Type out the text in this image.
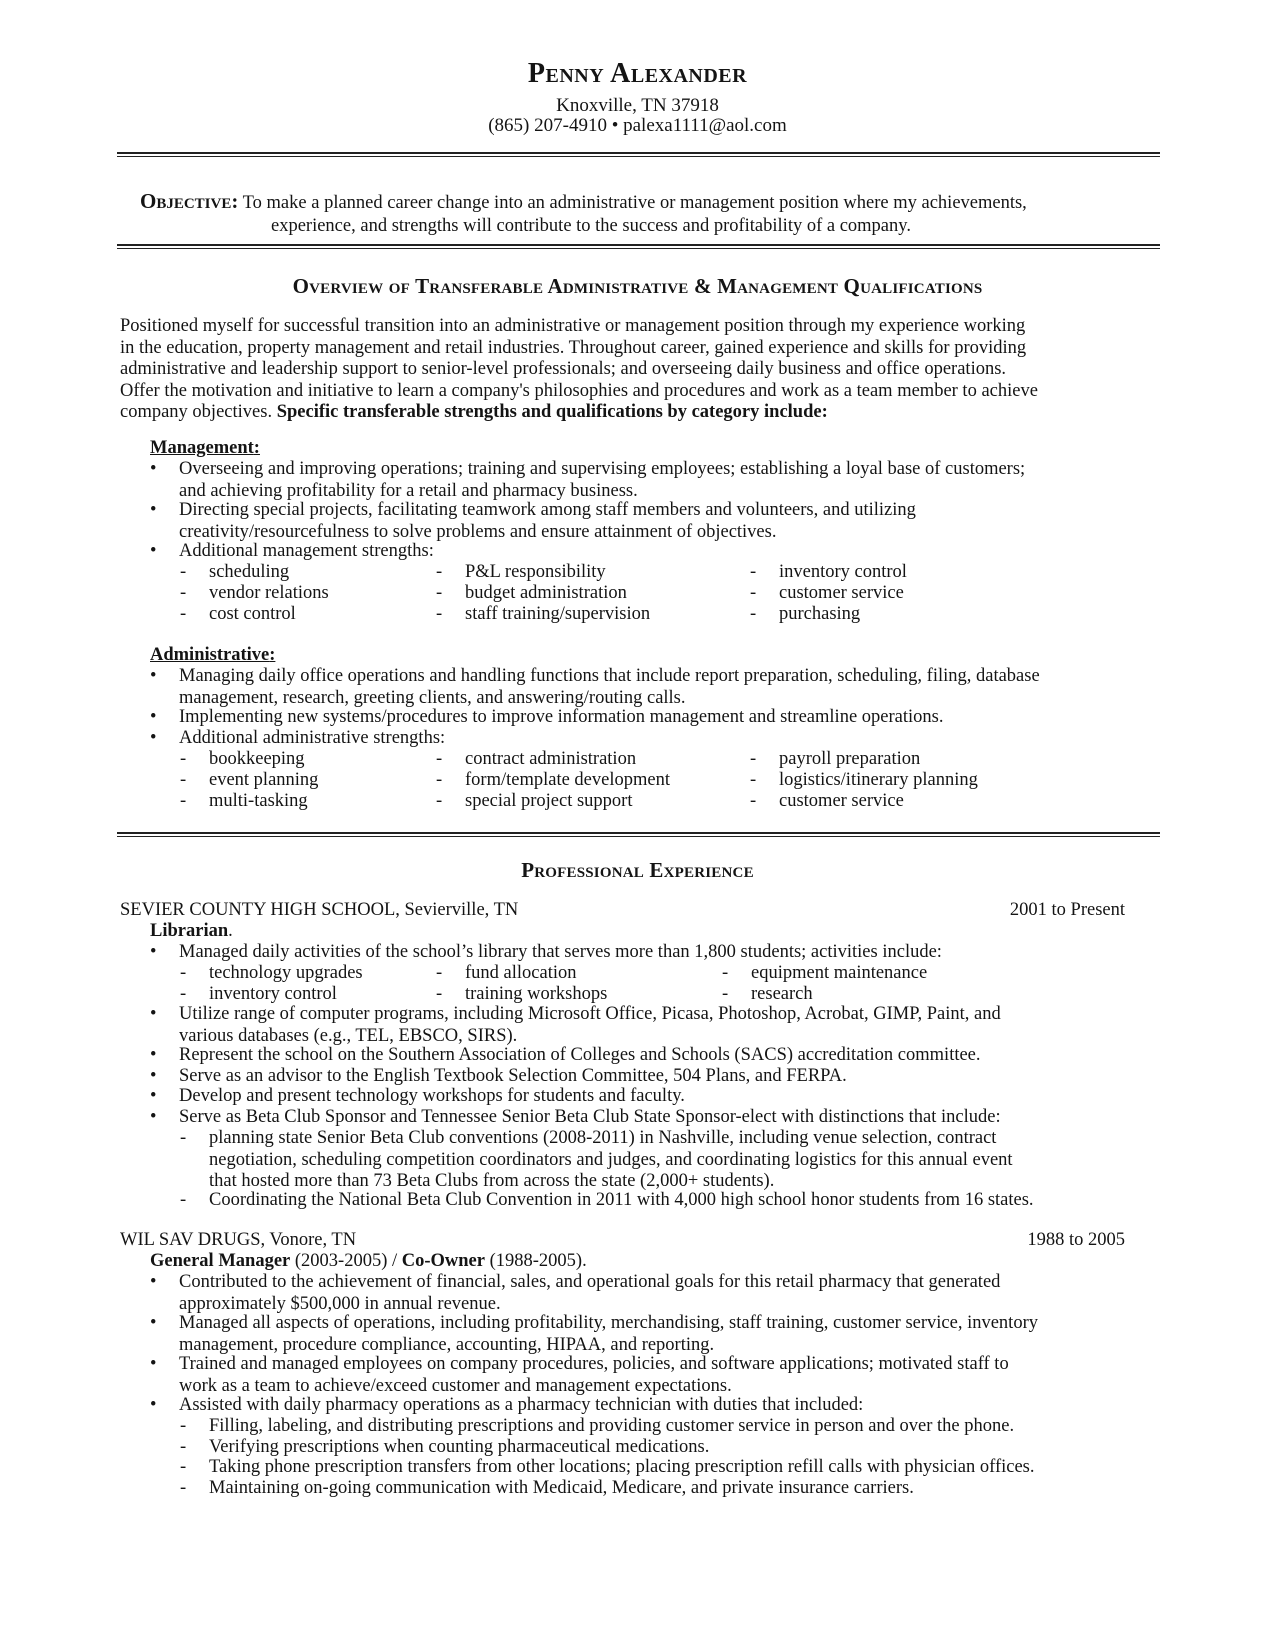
Penny Alexander
Knoxville, TN 37918
(865) 207-4910 • palexa1111@aol.com
Objective: To make a planned career change into an administrative or management position where my achievements,
experience, and strengths will contribute to the success and profitability of a company.
Overview of Transferable Administrative & Management Qualifications
Positioned myself for successful transition into an administrative or management position through my experience working
in the education, property management and retail industries. Throughout career, gained experience and skills for providing
administrative and leadership support to senior-level professionals; and overseeing daily business and office operations.
Offer the motivation and initiative to learn a company's philosophies and procedures and work as a team member to achieve
company objectives. Specific transferable strengths and qualifications by category include:
Management:
• Overseeing and improving operations; training and supervising employees; establishing a loyal base of customers;
and achieving profitability for a retail and pharmacy business.
• Directing special projects, facilitating teamwork among staff members and volunteers, and utilizing
creativity/resourcefulness to solve problems and ensure attainment of objectives.
• Additional management strengths:
- scheduling	- P&L responsibility	- inventory control
- vendor relations	- budget administration	- customer service
- cost control	- staff training/supervision	- purchasing
Administrative:
• Managing daily office operations and handling functions that include report preparation, scheduling, filing, database
management, research, greeting clients, and answering/routing calls.
• Implementing new systems/procedures to improve information management and streamline operations.
• Additional administrative strengths:
- bookkeeping	- contract administration	- payroll preparation
- event planning	- form/template development	- logistics/itinerary planning
- multi-tasking	- special project support	- customer service
Professional Experience
SEVIER COUNTY HIGH SCHOOL, Sevierville, TN	2001 to Present
Librarian.
• Managed daily activities of the school’s library that serves more than 1,800 students; activities include:
- technology upgrades	- fund allocation	- equipment maintenance
- inventory control	- training workshops	- research
• Utilize range of computer programs, including Microsoft Office, Picasa, Photoshop, Acrobat, GIMP, Paint, and
various databases (e.g., TEL, EBSCO, SIRS).
• Represent the school on the Southern Association of Colleges and Schools (SACS) accreditation committee.
• Serve as an advisor to the English Textbook Selection Committee, 504 Plans, and FERPA.
• Develop and present technology workshops for students and faculty.
• Serve as Beta Club Sponsor and Tennessee Senior Beta Club State Sponsor-elect with distinctions that include:
- planning state Senior Beta Club conventions (2008-2011) in Nashville, including venue selection, contract
negotiation, scheduling competition coordinators and judges, and coordinating logistics for this annual event
that hosted more than 73 Beta Clubs from across the state (2,000+ students).
- Coordinating the National Beta Club Convention in 2011 with 4,000 high school honor students from 16 states.
WIL SAV DRUGS, Vonore, TN	1988 to 2005
General Manager (2003-2005) / Co-Owner (1988-2005).
• Contributed to the achievement of financial, sales, and operational goals for this retail pharmacy that generated
approximately $500,000 in annual revenue.
• Managed all aspects of operations, including profitability, merchandising, staff training, customer service, inventory
management, procedure compliance, accounting, HIPAA, and reporting.
• Trained and managed employees on company procedures, policies, and software applications; motivated staff to
work as a team to achieve/exceed customer and management expectations.
• Assisted with daily pharmacy operations as a pharmacy technician with duties that included:
- Filling, labeling, and distributing prescriptions and providing customer service in person and over the phone.
- Verifying prescriptions when counting pharmaceutical medications.
- Taking phone prescription transfers from other locations; placing prescription refill calls with physician offices.
- Maintaining on-going communication with Medicaid, Medicare, and private insurance carriers.
